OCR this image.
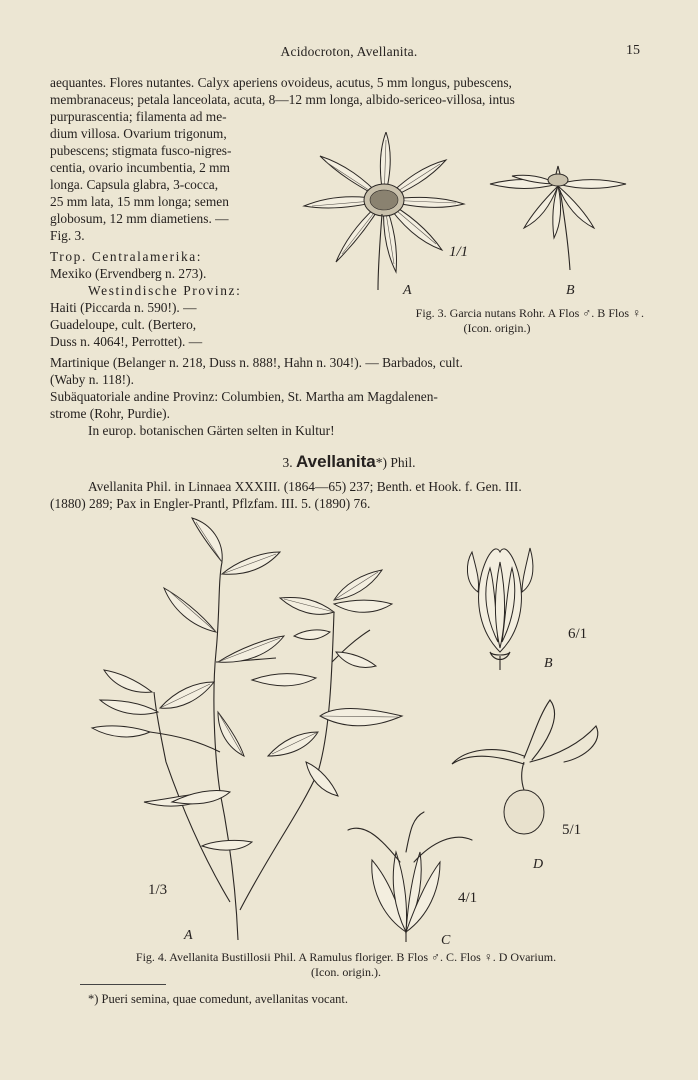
Acidocroton, Avellanita.	15
aequantes. Flores nutantes. Calyx aperiens ovoideus, acutus, 5 mm longus, pubescens,
membranaceus; petala lanceolata, acuta, 8—12 mm longa, albido-sericeo-villosa, intus
purpurascentia; filamenta ad me-
dium villosa. Ovarium trigonum,
pubescens; stigmata fusco-nigres-
centia, ovario incumbentia, 2 mm
longa. Capsula glabra, 3-cocca,
25 mm lata, 15 mm longa; semen
globosum, 12 mm diametiens. —
Fig. 3.
Trop. Centralamerika:
Mexiko (Ervendberg n. 273).
Westindische Provinz:
Haiti (Piccarda n. 590!). —
Guadeloupe, cult. (Bertero,
Duss n. 4064!, Perrottet). —
A	B
1/1
Fig. 3. Garcia nutans Rohr. A Flos ♂. B Flos ♀.
(Icon. origin.)
Martinique (Belanger n. 218, Duss n. 888!, Hahn n. 304!). — Barbados, cult.
(Waby n. 118!).
Subäquatoriale andine Provinz: Columbien, St. Martha am Magdalenen-
strome (Rohr, Purdie).
In europ. botanischen Gärten selten in Kultur!
3. Avellanita*) Phil.
Avellanita Phil. in Linnaea XXXIII. (1864—65) 237; Benth. et Hook. f. Gen. III.
(1880) 289; Pax in Engler-Prantl, Pflzfam. III. 5. (1890) 76.
A
B
C
D
1/3
6/1
4/1
5/1
Fig. 4. Avellanita Bustillosii Phil. A Ramulus floriger. B Flos ♂. C. Flos ♀. D Ovarium.
(Icon. origin.).
*) Pueri semina, quae comedunt, avellanitas vocant.
